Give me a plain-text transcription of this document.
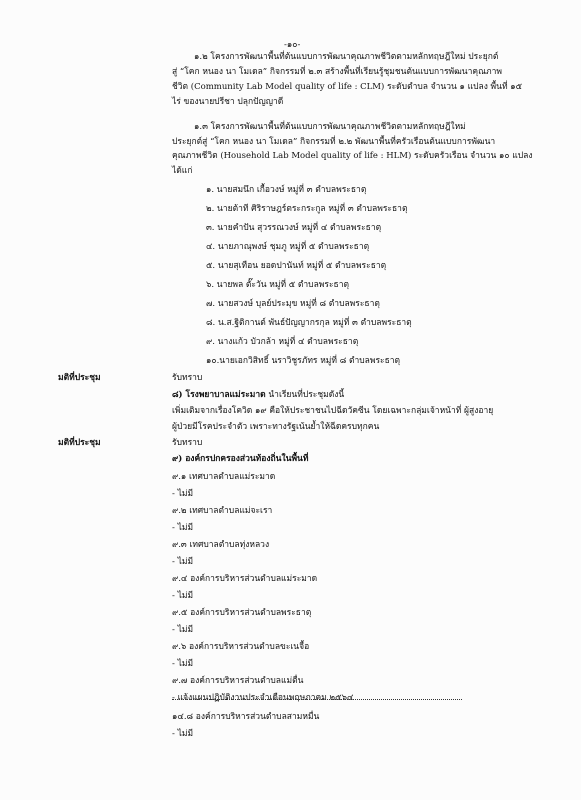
-๑๐-
๑.๒ โครงการพัฒนาพื้นที่ต้นแบบการพัฒนาคุณภาพชีวิตตามหลักทฤษฎีใหม่ ประยุกต์
สู่ “โคก หนอง นา โมเดล” กิจกรรมที่ ๒.๓ สร้างพื้นที่เรียนรู้ชุมชนต้นแบบการพัฒนาคุณภาพ
ชีวิต (Community Lab Model quality of life : CLM) ระดับตำบล จำนวน ๑ แปลง พื้นที่ ๑๕
ไร่ ของนายปรีชา ปลุกปัญญาดี
๑.๓ โครงการพัฒนาพื้นที่ต้นแบบการพัฒนาคุณภาพชีวิตตามหลักทฤษฎีใหม่
ประยุกต์สู่ “โคก หนอง นา โมเดล” กิจกรรมที่ ๒.๒ พัฒนาพื้นที่ครัวเรือนต้นแบบการพัฒนา
คุณภาพชีวิต (Household Lab Model quality of life : HLM) ระดับครัวเรือน จำนวน ๑๐ แปลง
ได้แก่
๑. นายสมนึก เกื้อวงษ์ หมู่ที่ ๓ ตำบลพระธาตุ
๒. นายต้าที ศิริราษฎร์ตระกระกูล หมู่ที่ ๓ ตำบลพระธาตุ
๓. นายคำปัน สุวรรณวงษ์ หมู่ที่ ๔ ตำบลพระธาตุ
๔. นายภาณุพงษ์ ชุมภู หมู่ที่ ๕ ตำบลพระธาตุ
๕. นายสุเทือน ยอดปานันท์ หมู่ที่ ๕ ตำบลพระธาตุ
๖. นายพล ตั๊ะวัน หมู่ที่ ๕ ตำบลพระธาตุ
๗. นายสวงษ์ บุลย์ประมุข หมู่ที่ ๘ ตำบลพระธาตุ
๘. น.ส.ฐิติกานต์ พันธ์ปัญญากรกุล หมู่ที่ ๓ ตำบลพระธาตุ
๙. นางแก้ว บัวกล้า หมู่ที่ ๔ ตำบลพระธาตุ
๑๐.นายเอกวิสิทธิ์ นราวิชูรภัทร หมู่ที่ ๘ ตำบลพระธาตุ
มติที่ประชุม	รับทราบ
๘) โรงพยาบาลแม่ระมาด นำเรียนที่ประชุมดังนี้
เพิ่มเติมจากเรื่องโควิด ๑๙ คือให้ประชาชนไปฉีดวัคซีน โดยเฉพาะกลุ่มเจ้าหน้าที่ ผู้สูงอายุ
ผู้ป่วยมีโรคประจำตัว เพราะทางรัฐเน้นย้ำให้ฉีดครบทุกคน
มติที่ประชุม	รับทราบ
๙) องค์กรปกครองส่วนท้องถิ่นในพื้นที่
๙.๑ เทศบาลตำบลแม่ระมาด
- ไม่มี
๙.๒ เทศบาลตำบลแม่จะเรา
- ไม่มี
๙.๓ เทศบาลตำบลทุ่งหลวง
- ไม่มี
๙.๔ องค์การบริหารส่วนตำบลแม่ระมาด
- ไม่มี
๙.๕ องค์การบริหารส่วนตำบลพระธาตุ
- ไม่มี
๙.๖ องค์การบริหารส่วนตำบลขะเนจื้อ
- ไม่มี
๙.๗ องค์การบริหารส่วนตำบลแม่ตื่น
- แจ้งแผนปฏิบัติงานประจำเดือนพฤษภาคม ๒๕๖๔
๑๔.๘ องค์การบริหารส่วนตำบลสามหมื่น
- ไม่มี
